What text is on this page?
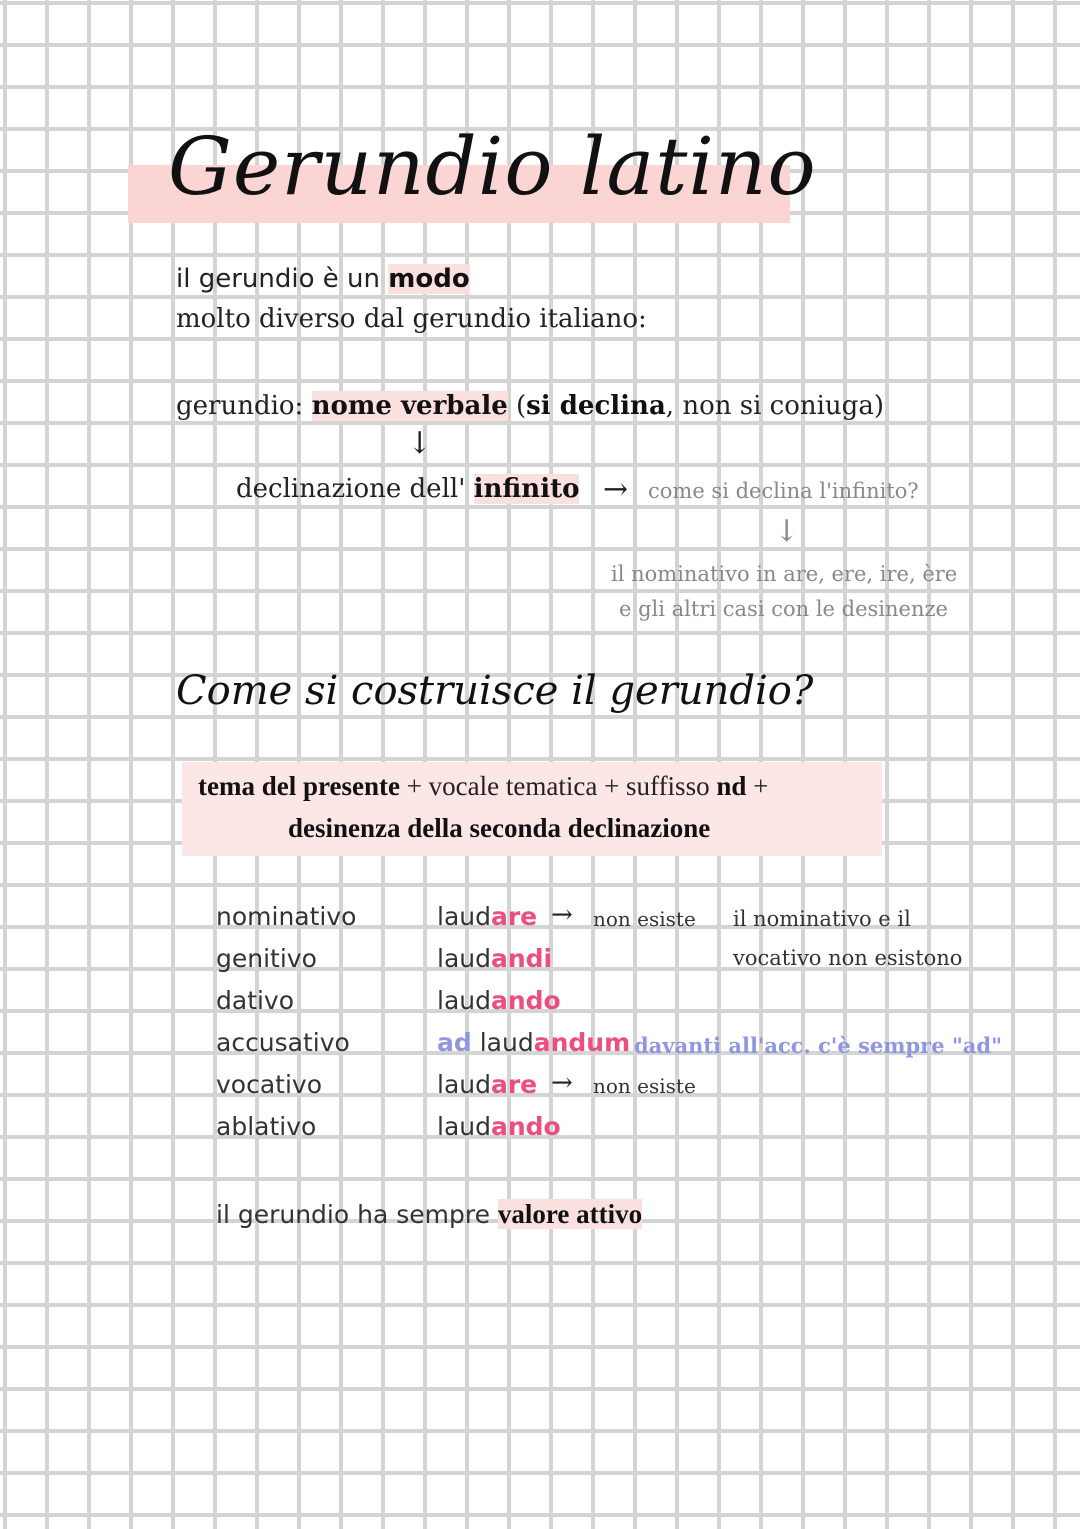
Gerundio latino
il gerundio è un modo
molto diverso dal gerundio italiano:
gerundio: nome verbale (si declina, non si coniuga)
↓
declinazione dell' infinito → come si declina l'infinito?
↓
il nominativo in are, ere, ire, ère
e gli altri casi con le desinenze
Come si costruisce il gerundio?
tema del presente + vocale tematica + suffisso nd +
desinenza della seconda declinazione
nominativo	laudare → non esiste
genitivo	laudandi
dativo	laudando
accusativo	ad laudandum davanti all'acc. c'è sempre "ad"
vocativo	laudare → non esiste
ablativo	laudando
il nominativo e il
vocativo non esistono
il gerundio ha sempre valore attivo
